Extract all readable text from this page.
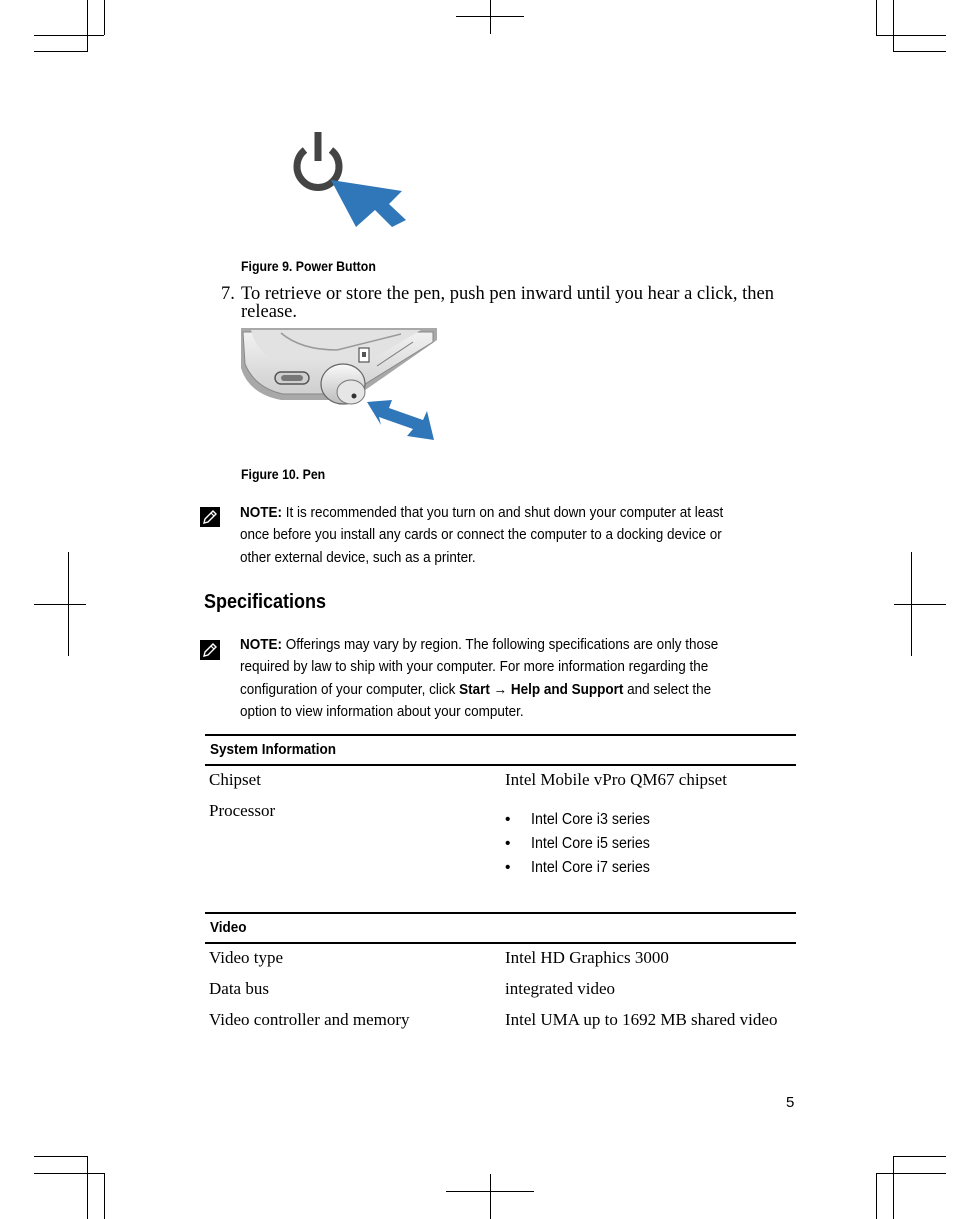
Figure 9. Power Button
7. To retrieve or store the pen, push pen inward until you hear a click, then
release.
Figure 10. Pen
NOTE: It is recommended that you turn on and shut down your computer at least
once before you install any cards or connect the computer to a docking device or
other external device, such as a printer.
Specifications
NOTE: Offerings may vary by region. The following specifications are only those
required by law to ship with your computer. For more information regarding the
configuration of your computer, click Start → Help and Support and select the
option to view information about your computer.
System Information
Chipset	Intel Mobile vPro QM67 chipset
Processor	• Intel Core i3 series
• Intel Core i5 series
• Intel Core i7 series
Video
Video type	Intel HD Graphics 3000
Data bus	integrated video
Video controller and memory	Intel UMA up to 1692 MB shared video
5
